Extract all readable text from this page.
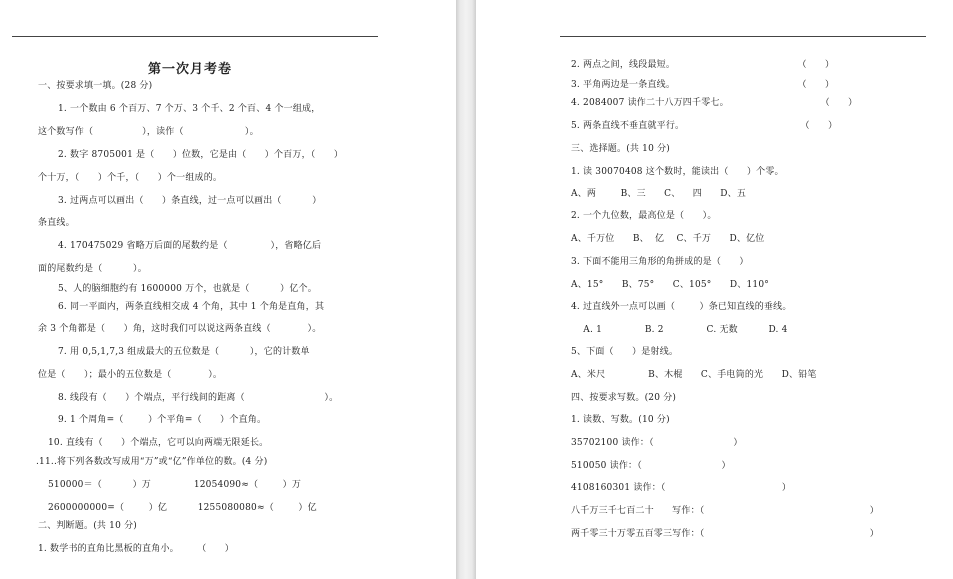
第一次月考卷
一、按要求填一填。(28 分)
1. 一个数由 6 个百万、7 个万、3 个千、2 个百、4 个一组成，
这个数写作（                ），读作（                    ）。
2. 数字 8705001 是（      ）位数，它是由（      ）个百万，（      ）
个十万，（      ）个千，（      ）个一组成的。
3. 过两点可以画出（      ）条直线，过一点可以画出（          ）
条直线。
4. 170475029 省略万后面的尾数约是（              ），省略亿后
面的尾数约是（          ）。
5、人的脑细胞约有 1600000 万个，也就是（          ）亿个。
6. 同一平面内，两条直线相交成 4 个角，其中 1 个角是直角，其
余 3 个角都是（      ）角，这时我们可以说这两条直线（            ）。
7. 用 0,5,1,7,3 组成最大的五位数是（          ），它的计数单
位是（      ）；最小的五位数是（            ）。
8. 线段有（      ）个端点，平行线间的距离（                          ）。
9. 1 个周角=（        ）个平角=（      ）个直角。
10. 直线有（      ）个端点，它可以向两端无限延长。
.11..将下列各数改写成用“万”或“亿”作单位的数。(4 分)
510000＝（          ）万              12054090≈（        ）万
2600000000=（        ）亿          1255080080≈（        ）亿
二、判断题。(共 10 分)
1. 数学书的直角比黑板的直角小。      （      ）
2. 两点之间，线段最短。                                        （      ）
3. 平角两边是一条直线。                                        （      ）
4. 2084007 读作二十八万四千零七。                              （      ）
5. 两条直线不垂直就平行。                                      （      ）
三、选择题。(共 10 分)
1. 读 30070408 这个数时，能读出（      ）个零。
A、两        B、三      C、    四      D、五
2. 一个九位数，最高位是（      ）。
A、千万位      B、  亿    C、千万      D、亿位
3. 下面不能用三角形的角拼成的是（      ）
A、15°      B、75°      C、105°      D、110°
4. 过直线外一点可以画（        ）条已知直线的垂线。
A. 1              B. 2              C. 无数          D. 4
5、下面（      ）是射线。
A、米尺              B、木棍      C、手电筒的光      D、铅笔
四、按要求写数。(20 分)
1. 读数、写数。(10 分)
35702100 读作：（                          ）
510050 读作：（                          ）
4108160301 读作：（                                      ）
八千万三千七百二十      写作：（                                                      ）
两千零三十万零五百零三写作：（                                                      ）
